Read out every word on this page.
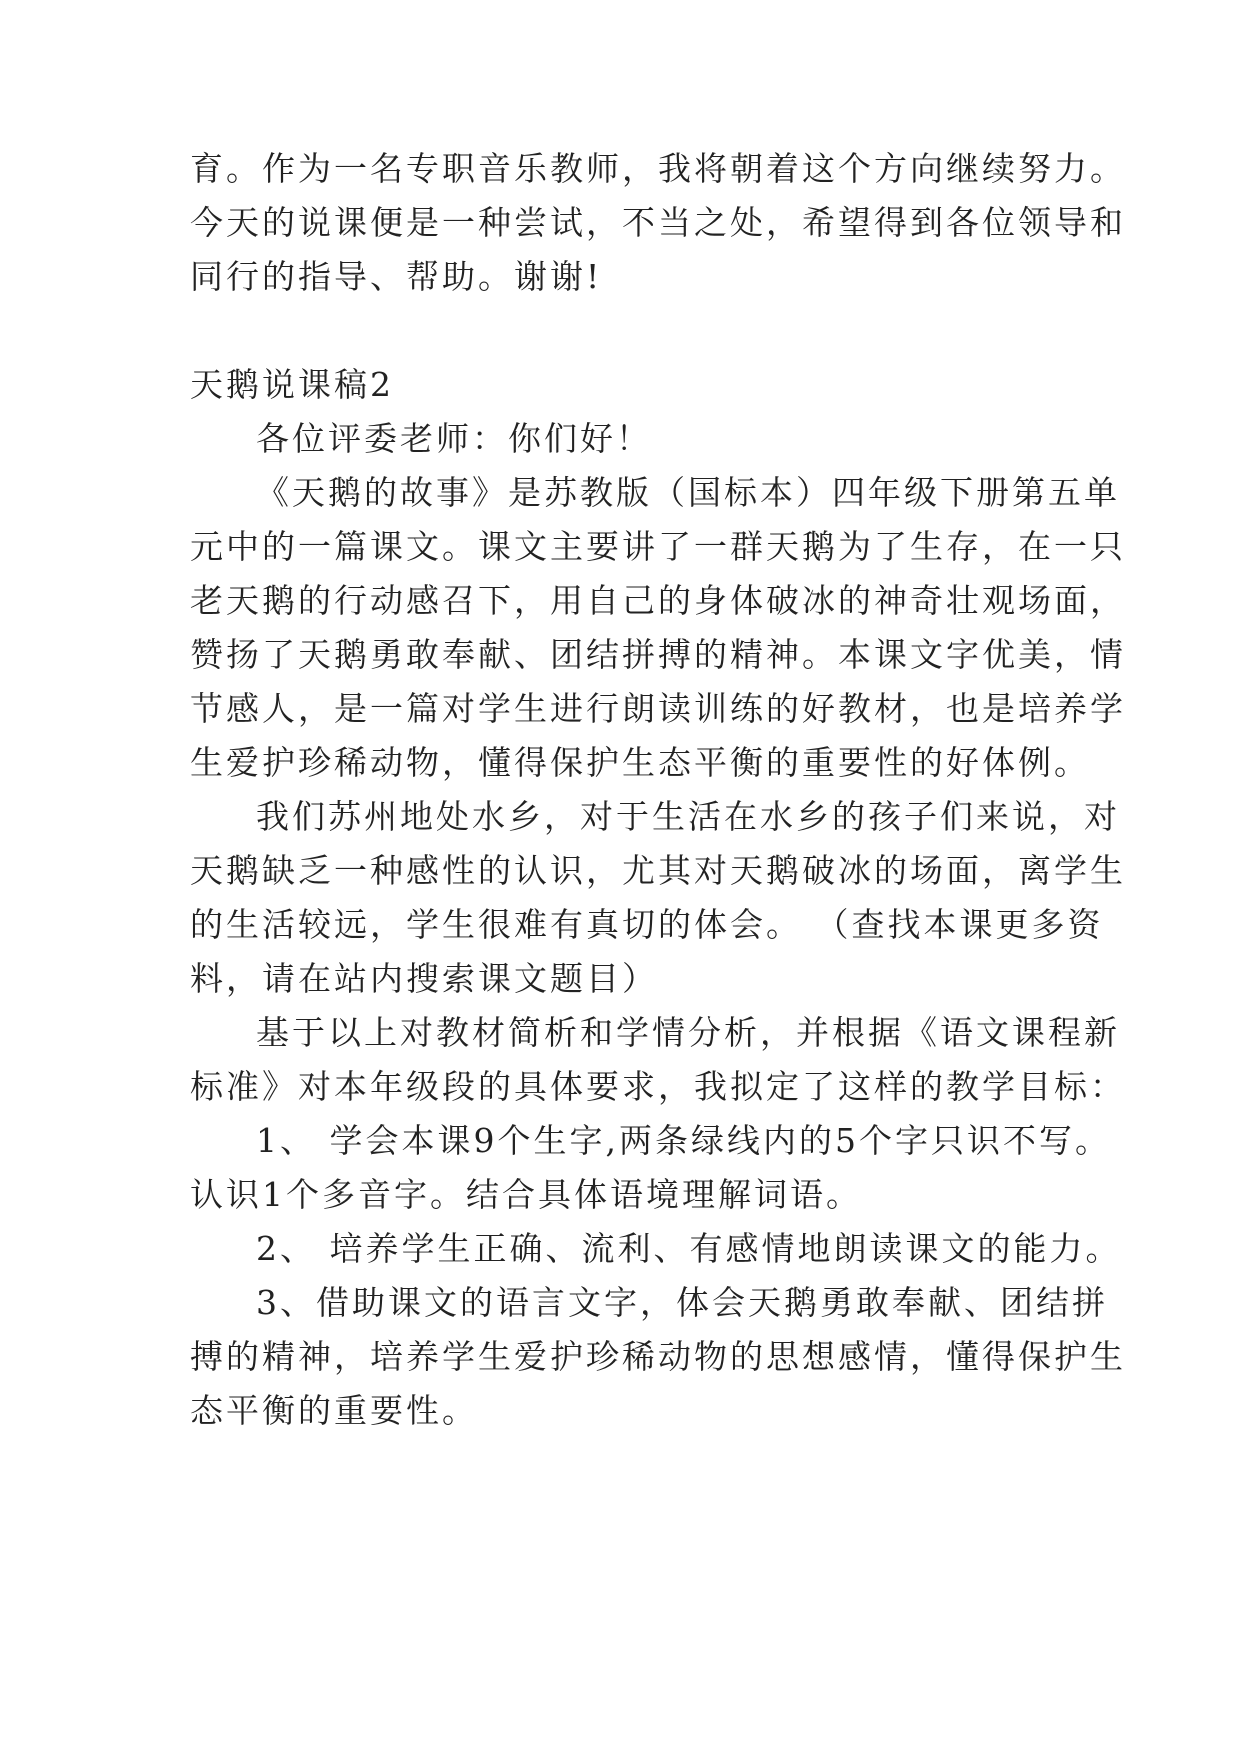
育。作为一名专职音乐教师，我将朝着这个方向继续努力。
今天的说课便是一种尝试，不当之处，希望得到各位领导和
同行的指导、帮助。谢谢!
天鹅说课稿2
各位评委老师：你们好！
《天鹅的故事》是苏教版（国标本）四年级下册第五单
元中的一篇课文。课文主要讲了一群天鹅为了生存，在一只
老天鹅的行动感召下，用自己的身体破冰的神奇壮观场面，
赞扬了天鹅勇敢奉献、团结拼搏的精神。本课文字优美，情
节感人，是一篇对学生进行朗读训练的好教材，也是培养学
生爱护珍稀动物，懂得保护生态平衡的重要性的好体例。
我们苏州地处水乡，对于生活在水乡的孩子们来说，对
天鹅缺乏一种感性的认识，尤其对天鹅破冰的场面，离学生
的生活较远，学生很难有真切的体会。 （查找本课更多资
料，请在站内搜索课文题目）
基于以上对教材简析和学情分析，并根据《语文课程新
标准》对本年级段的具体要求，我拟定了这样的教学目标：
1、 学会本课9个生字,两条绿线内的5个字只识不写。
认识1个多音字。结合具体语境理解词语。
2、 培养学生正确、流利、有感情地朗读课文的能力。
3、借助课文的语言文字，体会天鹅勇敢奉献、团结拼
搏的精神，培养学生爱护珍稀动物的思想感情，懂得保护生
态平衡的重要性。
